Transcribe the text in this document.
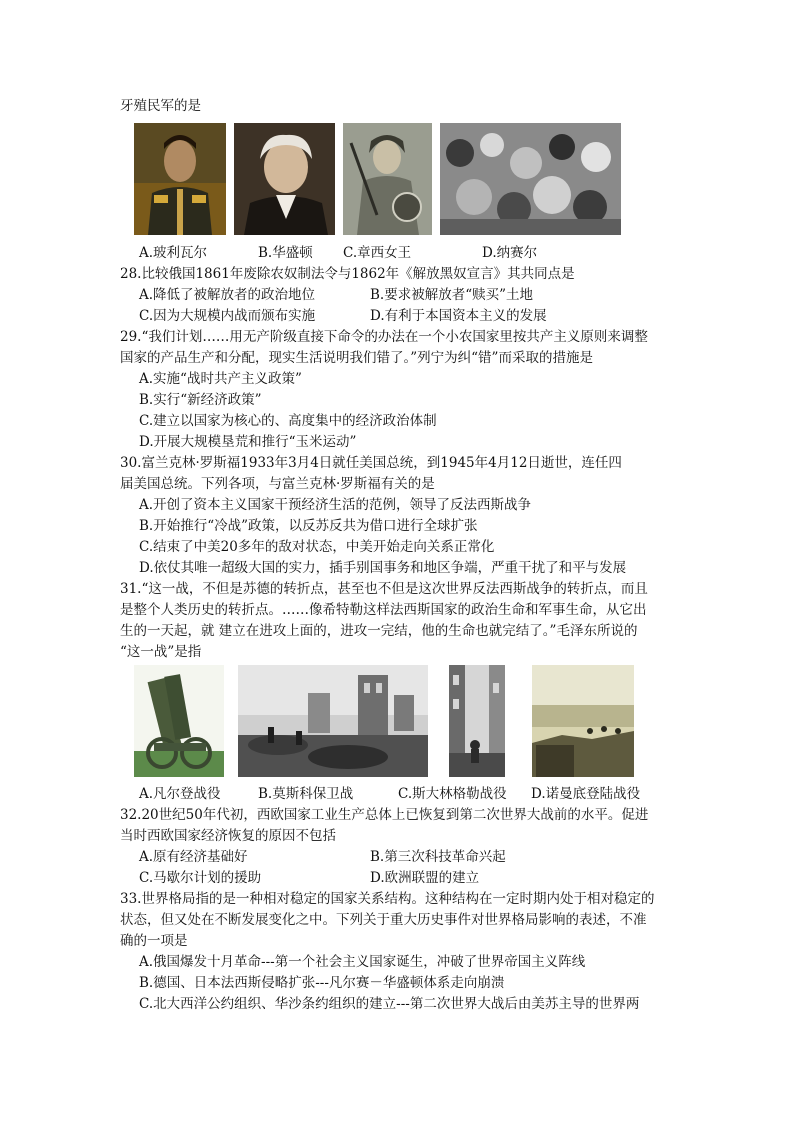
牙殖民军的是
A.玻利瓦尔	B.华盛顿 C.章西女王	D.纳赛尔
28.比较俄国1861年废除农奴制法令与1862年《解放黑奴宣言》其共同点是
A.降低了被解放者的政治地位	B.要求被解放者“赎买”土地
C.因为大规模内战而颁布实施	D.有利于本国资本主义的发展
29.“我们计划……用无产阶级直接下命令的办法在一个小农国家里按共产主义原则来调整
国家的产品生产和分配，现实生活说明我们错了。”列宁为纠“错”而采取的措施是
A.实施“战时共产主义政策”
B.实行“新经济政策”
C.建立以国家为核心的、高度集中的经济政治体制
D.开展大规模垦荒和推行“玉米运动”
30.富兰克林·罗斯福1933年3月4日就任美国总统，到1945年4月12日逝世，连任四
届美国总统。下列各项，与富兰克林·罗斯福有关的是
A.开创了资本主义国家干预经济生活的范例，领导了反法西斯战争
B.开始推行“冷战”政策，以反苏反共为借口进行全球扩张
C.结束了中美20多年的敌对状态，中美开始走向关系正常化
D.依仗其唯一超级大国的实力，插手别国事务和地区争端，严重干扰了和平与发展
31.“这一战，不但是苏德的转折点，甚至也不但是这次世界反法西斯战争的转折点，而且
是整个人类历史的转折点。……像希特勒这样法西斯国家的政治生命和军事生命，从它出
生的一天起，就 建立在进攻上面的，进攻一完结，他的生命也就完结了。”毛泽东所说的
“这一战”是指
A.凡尔登战役	B.莫斯科保卫战	C.斯大林格勒战役 D.诺曼底登陆战役
32.20世纪50年代初，西欧国家工业生产总体上已恢复到第二次世界大战前的水平。促进
当时西欧国家经济恢复的原因不包括
A.原有经济基础好	B.第三次科技革命兴起
C.马歇尔计划的援助	D.欧洲联盟的建立
33.世界格局指的是一种相对稳定的国家关系结构。这种结构在一定时期内处于相对稳定的
状态，但又处在不断发展变化之中。下列关于重大历史事件对世界格局影响的表述，不准
确的一项是
A.俄国爆发十月革命---第一个社会主义国家诞生，冲破了世界帝国主义阵线
B.德国、日本法西斯侵略扩张---凡尔赛－华盛顿体系走向崩溃
C.北大西洋公约组织、华沙条约组织的建立---第二次世界大战后由美苏主导的世界两
